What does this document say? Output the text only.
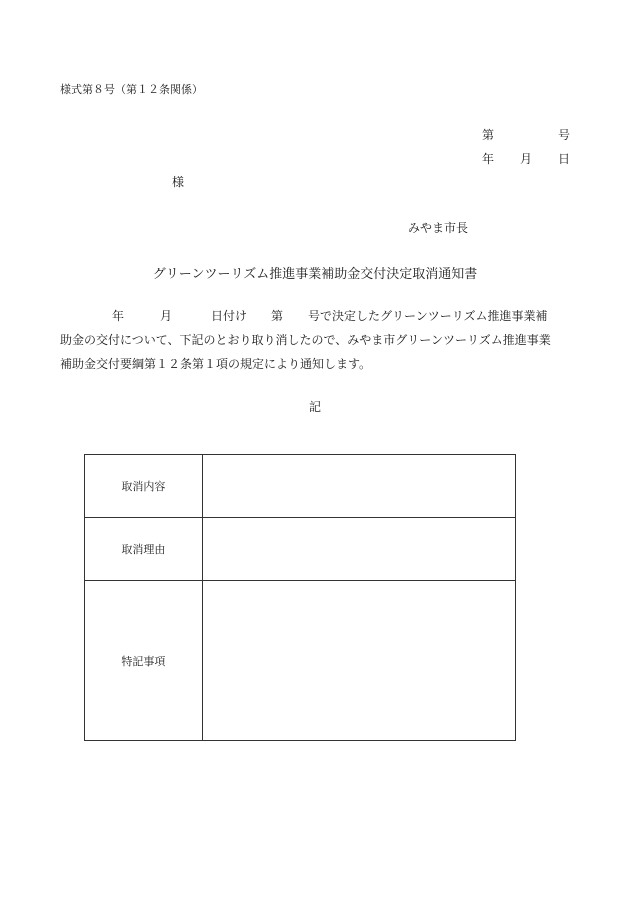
様式第８号（第１２条関係）
第	号
年 月 日
様
みやま市長
グリーンツーリズム推進事業補助金交付決定取消通知書
年	月	日付け 第 号で決定したグリーンツーリズム推進事業補
助金の交付について、下記のとおり取り消したので、みやま市グリーンツーリズム推進事業
補助金交付要綱第１２条第１項の規定により通知します。
記
取消内容	
取消理由	
特記事項	
